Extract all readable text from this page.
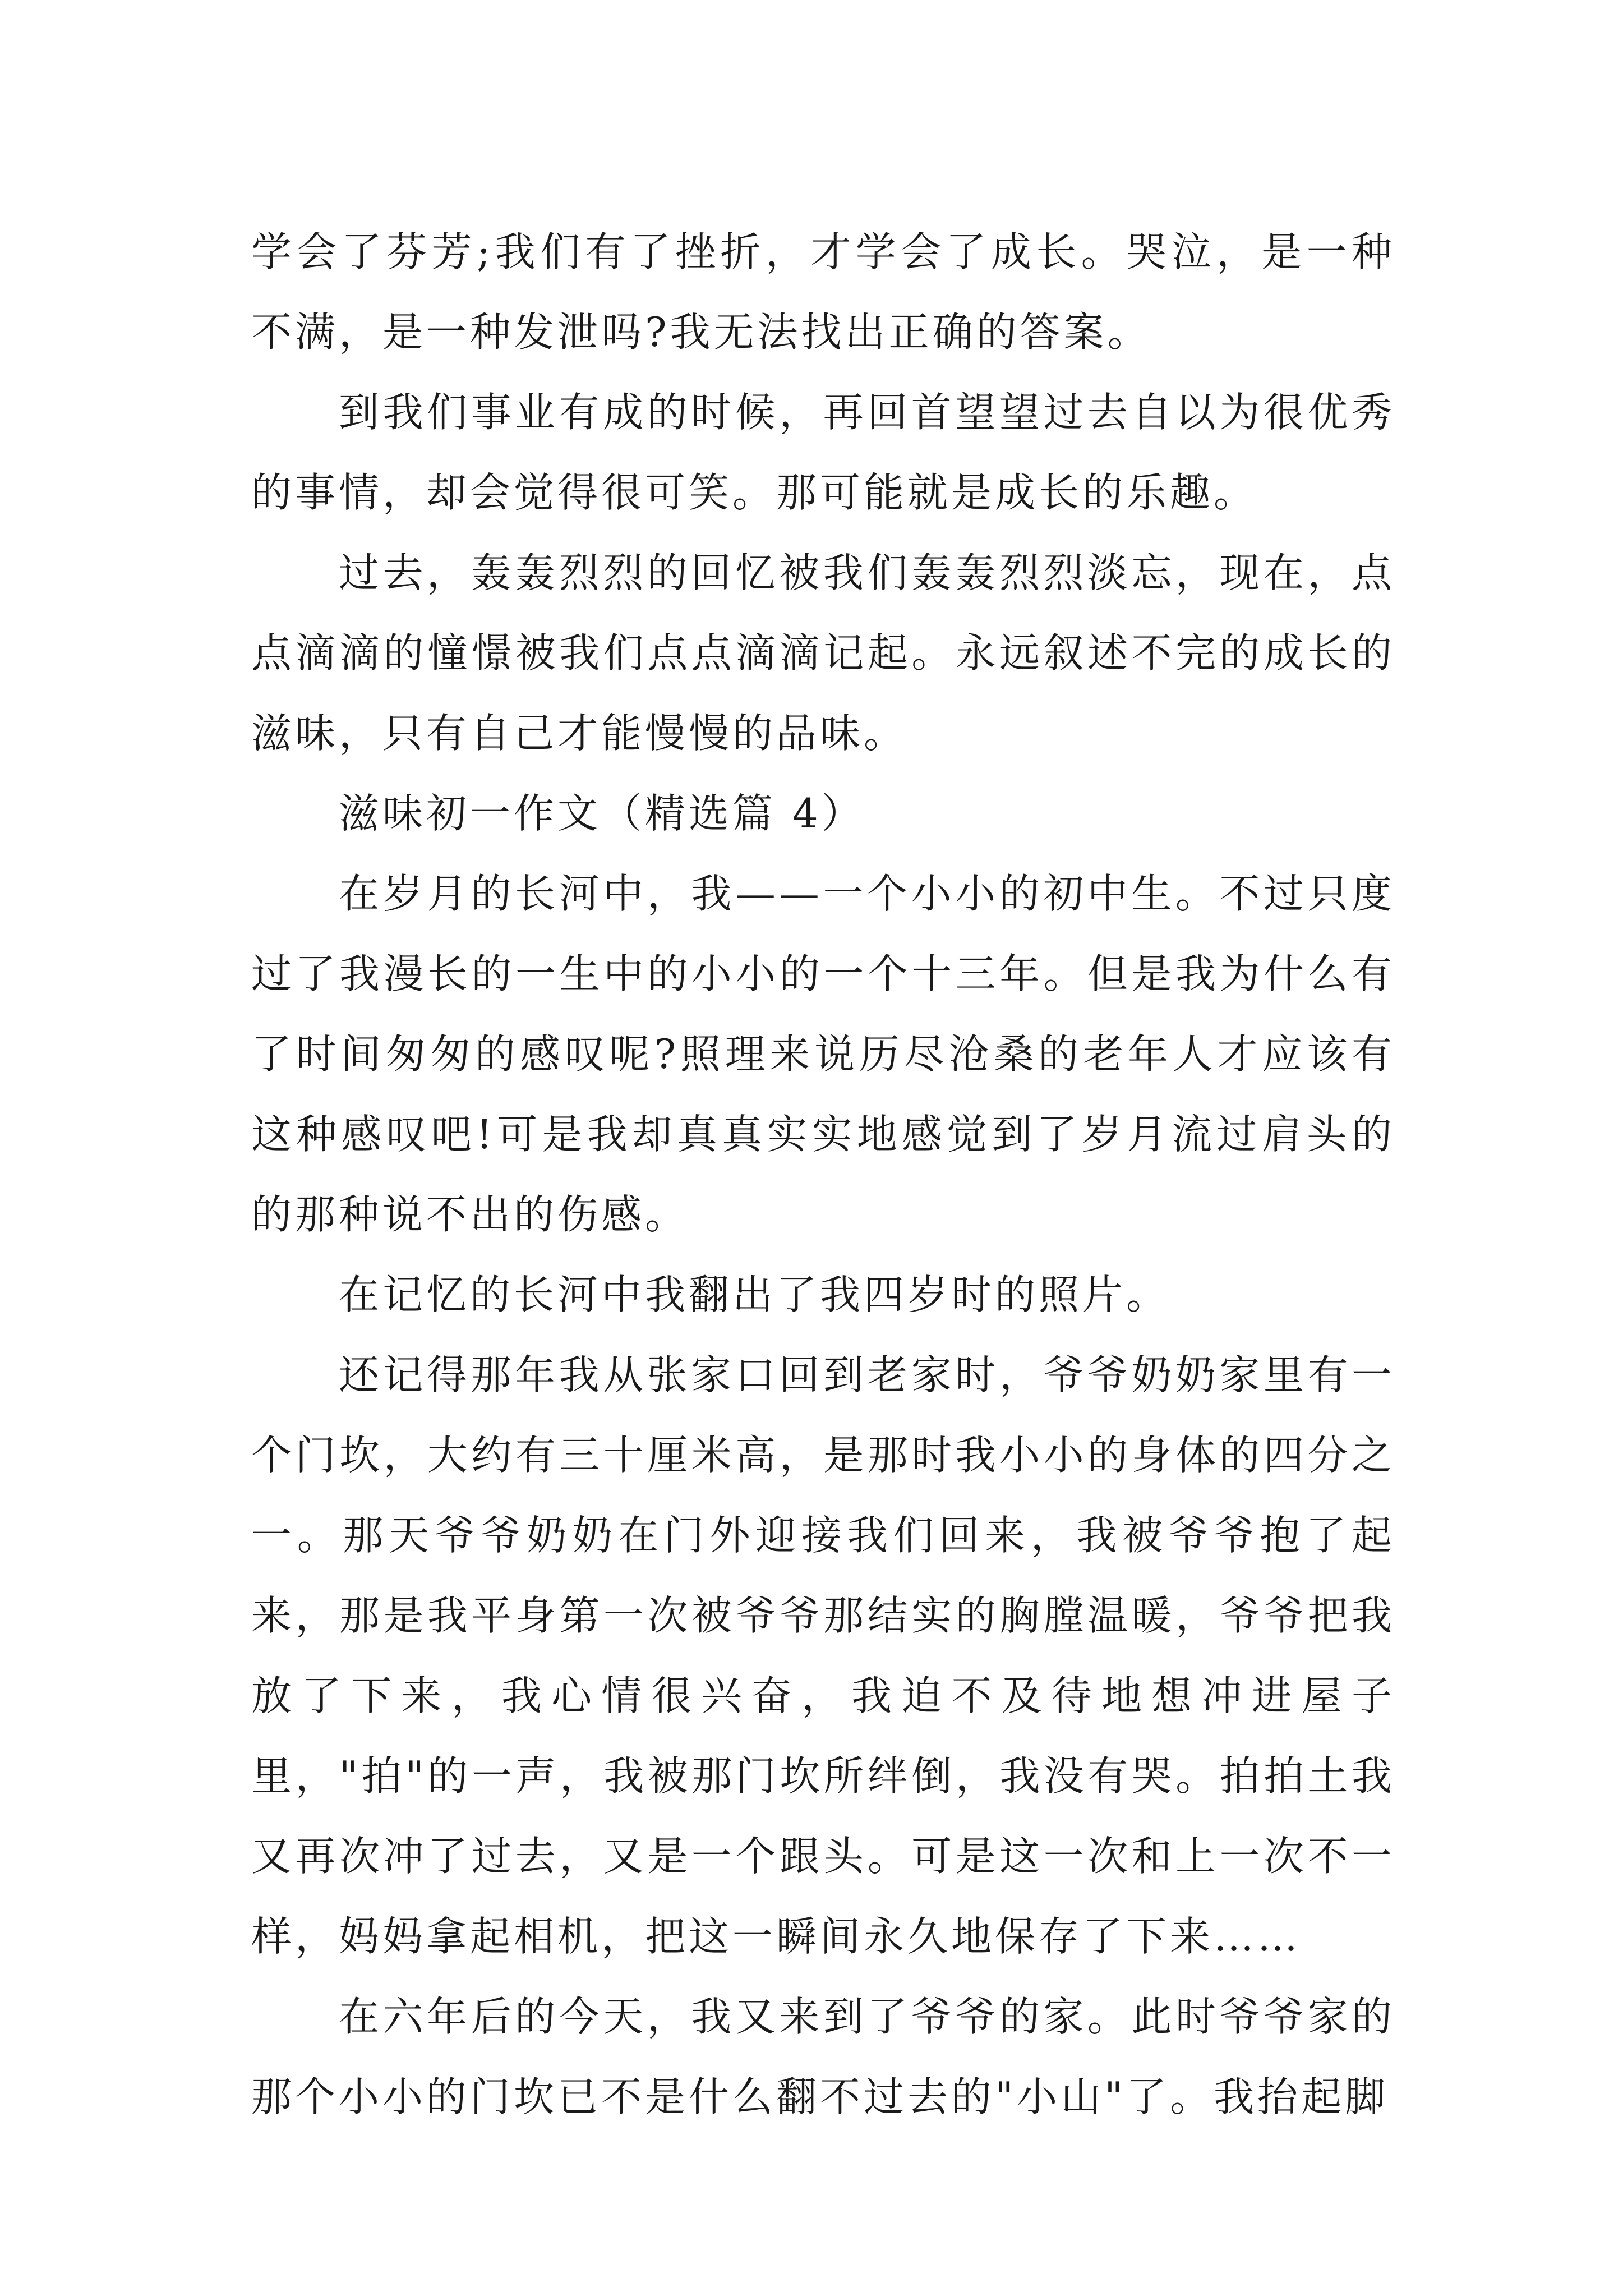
学会了芬芳;我们有了挫折，才学会了成长。哭泣，是一种不满，是一种发泄吗?我无法找出正确的答案。

到我们事业有成的时候，再回首望望过去自以为很优秀的事情，却会觉得很可笑。那可能就是成长的乐趣。

过去，轰轰烈烈的回忆被我们轰轰烈烈淡忘，现在，点点滴滴的憧憬被我们点点滴滴记起。永远叙述不完的成长的滋味，只有自己才能慢慢的品味。

滋味初一作文（精选篇 4）

在岁月的长河中，我——一个小小的初中生。不过只度过了我漫长的一生中的小小的一个十三年。但是我为什么有了时间匆匆的感叹呢?照理来说历尽沧桑的老年人才应该有这种感叹吧!可是我却真真实实地感觉到了岁月流过肩头的的那种说不出的伤感。

在记忆的长河中我翻出了我四岁时的照片。

还记得那年我从张家口回到老家时，爷爷奶奶家里有一个门坎，大约有三十厘米高，是那时我小小的身体的四分之一。那天爷爷奶奶在门外迎接我们回来，我被爷爷抱了起来，那是我平身第一次被爷爷那结实的胸膛温暖，爷爷把我放了下来，我心情很兴奋，我迫不及待地想冲进屋子里，"拍"的一声，我被那门坎所绊倒，我没有哭。拍拍土我又再次冲了过去，又是一个跟头。可是这一次和上一次不一样，妈妈拿起相机，把这一瞬间永久地保存了下来……

在六年后的今天，我又来到了爷爷的家。此时爷爷家的那个小小的门坎已不是什么翻不过去的"小山"了。我抬起脚
